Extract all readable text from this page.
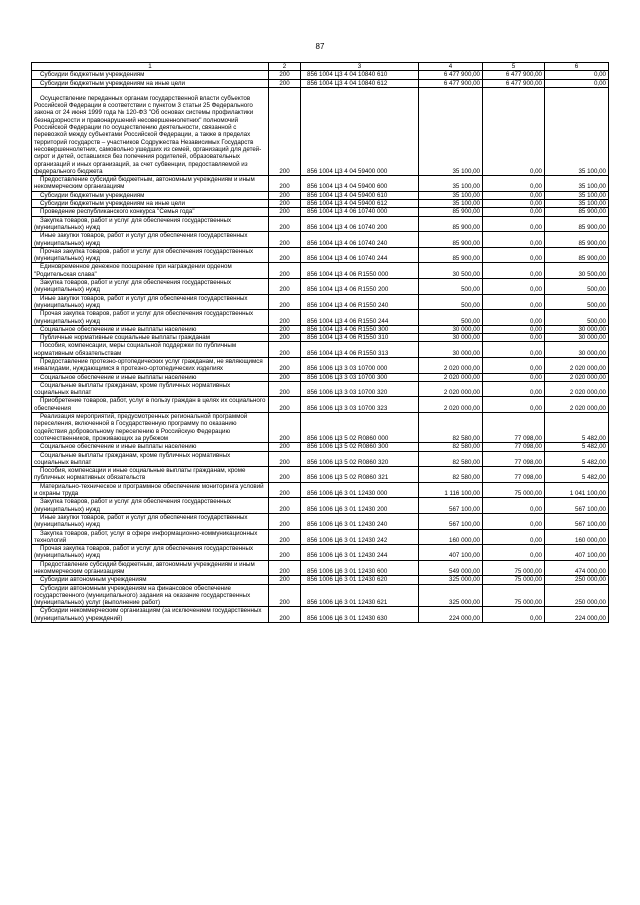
87
1	2	3	4	5	6
Субсидии бюджетным учреждениям	200	856 1004 Ц3 4 04 10840 610	6 477 900,00	6 477 900,00	0,00
Субсидии бюджетным учреждениям на иные цели	200	856 1004 Ц3 4 04 10840 612	6 477 900,00	6 477 900,00	0,00
Осуществление переданных органам государственной власти субъектов Российской Федерации в соответствии с пунктом 3 статьи 25 Федерального закона от 24 июня 1999 года № 120-ФЗ "Об основах системы профилактики безнадзорности и правонарушений несовершеннолетних" полномочий Российской Федерации по осуществлению деятельности, связанной с перевозкой между субъектами Российской Федерации, а также в пределах территорий государств – участников Содружества Независимых Государств несовершеннолетних, самовольно ушедших из семей, организаций для детей-сирот и детей, оставшихся без попечения родителей, образовательных организаций и иных организаций, за счет субвенции, предоставляемой из федерального бюджета	200	856 1004 Ц3 4 04 59400 000	35 100,00	0,00	35 100,00
Предоставление субсидий бюджетным, автономным учреждениям и иным некоммерческим организациям	200	856 1004 Ц3 4 04 59400 600	35 100,00	0,00	35 100,00
Субсидии бюджетным учреждениям	200	856 1004 Ц3 4 04 59400 610	35 100,00	0,00	35 100,00
Субсидии бюджетным учреждениям на иные цели	200	856 1004 Ц3 4 04 59400 612	35 100,00	0,00	35 100,00
Проведение республиканского конкурса "Семья года"	200	856 1004 Ц3 4 06 10740 000	85 900,00	0,00	85 900,00
Закупка товаров, работ и услуг для обеспечения государственных (муниципальных) нужд	200	856 1004 Ц3 4 06 10740 200	85 900,00	0,00	85 900,00
Иные закупки товаров, работ и услуг для обеспечения государственных (муниципальных) нужд	200	856 1004 Ц3 4 06 10740 240	85 900,00	0,00	85 900,00
Прочая закупка товаров, работ и услуг для обеспечения государственных (муниципальных) нужд	200	856 1004 Ц3 4 06 10740 244	85 900,00	0,00	85 900,00
Единовременное денежное поощрение при награждении орденом "Родительская слава"	200	856 1004 Ц3 4 06 R1550 000	30 500,00	0,00	30 500,00
Закупка товаров, работ и услуг для обеспечения государственных (муниципальных) нужд	200	856 1004 Ц3 4 06 R1550 200	500,00	0,00	500,00
Иные закупки товаров, работ и услуг для обеспечения государственных (муниципальных) нужд	200	856 1004 Ц3 4 06 R1550 240	500,00	0,00	500,00
Прочая закупка товаров, работ и услуг для обеспечения государственных (муниципальных) нужд	200	856 1004 Ц3 4 06 R1550 244	500,00	0,00	500,00
Социальное обеспечение и иные выплаты населению	200	856 1004 Ц3 4 06 R1550 300	30 000,00	0,00	30 000,00
Публичные нормативные социальные выплаты гражданам	200	856 1004 Ц3 4 06 R1550 310	30 000,00	0,00	30 000,00
Пособия, компенсации, меры социальной поддержки по публичным нормативным обязательствам	200	856 1004 Ц3 4 06 R1550 313	30 000,00	0,00	30 000,00
Предоставление протезно-ортопедических услуг гражданам, не являющимся инвалидами, нуждающимся в протезно-ортопедических изделиях	200	856 1006 Ц3 3 03 10700 000	2 020 000,00	0,00	2 020 000,00
Социальное обеспечение и иные выплаты населению	200	856 1006 Ц3 3 03 10700 300	2 020 000,00	0,00	2 020 000,00
Социальные выплаты гражданам, кроме публичных нормативных социальных выплат	200	856 1006 Ц3 3 03 10700 320	2 020 000,00	0,00	2 020 000,00
Приобретение товаров, работ, услуг в пользу граждан в целях их социального обеспечения	200	856 1006 Ц3 3 03 10700 323	2 020 000,00	0,00	2 020 000,00
Реализация мероприятий, предусмотренных региональной программой переселения, включенной в Государственную программу по оказанию содействия добровольному переселению в Российскую Федерацию соотечественников, проживающих за рубежом	200	856 1006 Ц3 5 02 R0860 000	82 580,00	77 098,00	5 482,00
Социальное обеспечение и иные выплаты населению	200	856 1006 Ц3 5 02 R0860 300	82 580,00	77 098,00	5 482,00
Социальные выплаты гражданам, кроме публичных нормативных социальных выплат	200	856 1006 Ц3 5 02 R0860 320	82 580,00	77 098,00	5 482,00
Пособия, компенсации и иные социальные выплаты гражданам, кроме публичных нормативных обязательств	200	856 1006 Ц3 5 02 R0860 321	82 580,00	77 098,00	5 482,00
Материально-техническое и программное обеспечение мониторинга условий и охраны труда	200	856 1006 Ц6 3 01 12430 000	1 116 100,00	75 000,00	1 041 100,00
Закупка товаров, работ и услуг для обеспечения государственных (муниципальных) нужд	200	856 1006 Ц6 3 01 12430 200	567 100,00	0,00	567 100,00
Иные закупки товаров, работ и услуг для обеспечения государственных (муниципальных) нужд	200	856 1006 Ц6 3 01 12430 240	567 100,00	0,00	567 100,00
Закупка товаров, работ, услуг в сфере информационно-коммуникационных технологий	200	856 1006 Ц6 3 01 12430 242	160 000,00	0,00	160 000,00
Прочая закупка товаров, работ и услуг для обеспечения государственных (муниципальных) нужд	200	856 1006 Ц6 3 01 12430 244	407 100,00	0,00	407 100,00
Предоставление субсидий бюджетным, автономным учреждениям и иным некоммерческим организациям	200	856 1006 Ц6 3 01 12430 600	549 000,00	75 000,00	474 000,00
Субсидии автономным учреждениям	200	856 1006 Ц6 3 01 12430 620	325 000,00	75 000,00	250 000,00
Субсидии автономным учреждениям на финансовое обеспечение государственного (муниципального) задания на оказание государственных (муниципальных) услуг (выполнение работ)	200	856 1006 Ц6 3 01 12430 621	325 000,00	75 000,00	250 000,00
Субсидии некоммерческим организациям (за исключением государственных (муниципальных) учреждений)	200	856 1006 Ц6 3 01 12430 630	224 000,00	0,00	224 000,00
